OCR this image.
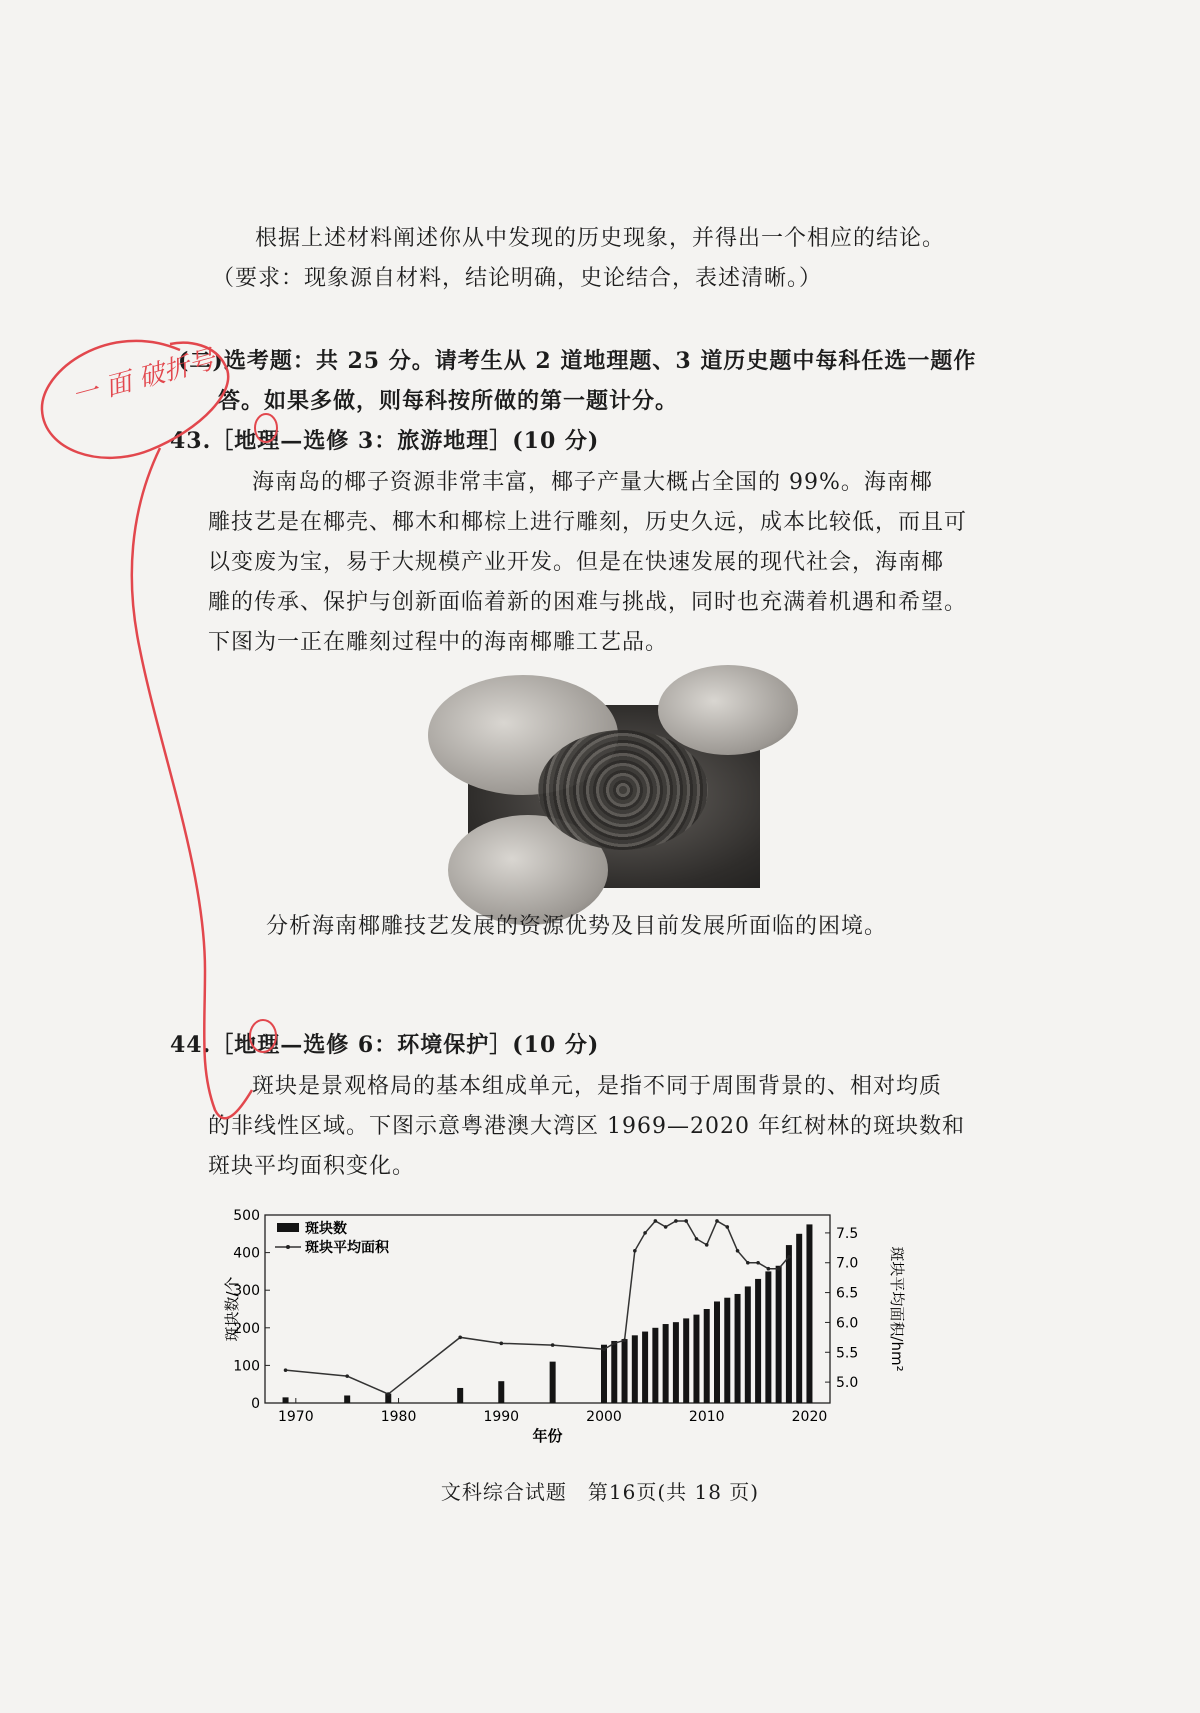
根据上述材料阐述你从中发现的历史现象，并得出一个相应的结论。

（要求：现象源自材料，结论明确，史论结合，表述清晰。）

(二)选考题：共 25 分。请考生从 2 道地理题、3 道历史题中每科任选一题作

答。如果多做，则每科按所做的第一题计分。

43.［地理—选修 3：旅游地理］(10 分)

海南岛的椰子资源非常丰富，椰子产量大概占全国的 99%。海南椰

雕技艺是在椰壳、椰木和椰棕上进行雕刻，历史久远，成本比较低，而且可

以变废为宝，易于大规模产业开发。但是在快速发展的现代社会，海南椰

雕的传承、保护与创新面临着新的困难与挑战，同时也充满着机遇和希望。

下图为一正在雕刻过程中的海南椰雕工艺品。

分析海南椰雕技艺发展的资源优势及目前发展所面临的困境。

44.［地理—选修 6：环境保护］(10 分)

斑块是景观格局的基本组成单元，是指不同于周围背景的、相对均质

的非线性区域。下图示意粤港澳大湾区 1969—2020 年红树林的斑块数和

斑块平均面积变化。

0
100
200
300
400
500
5.0
5.5
6.0
6.5
7.0
7.5
1970	1980	1990	2000	2010	2020
斑块数/个	斑块平均面积/hm²
年份
斑块数
斑块平均面积
文科综合试题　第16页(共 18 页)
一 面 破折号
